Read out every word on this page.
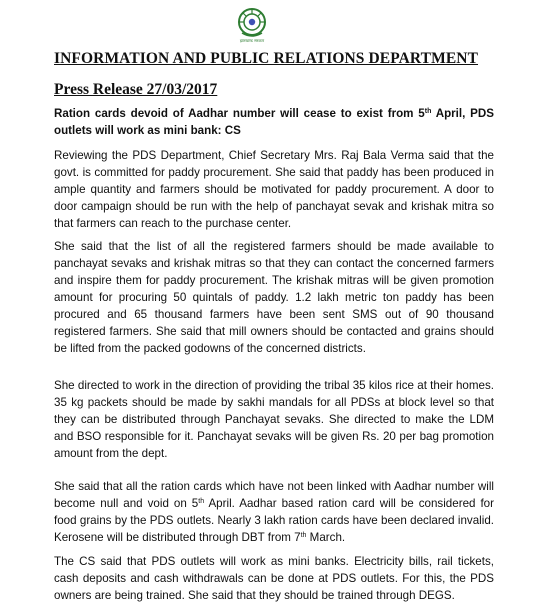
झारखण्ड सरकार
INFORMATION AND PUBLIC RELATIONS DEPARTMENT
Press Release 27/03/2017
Ration cards devoid of Aadhar number will cease to exist from 5th April, PDS outlets will work as mini bank: CS
Reviewing the PDS Department, Chief Secretary Mrs. Raj Bala Verma said that the govt. is committed for paddy procurement. She said that paddy has been produced in ample quantity and farmers should be motivated for paddy procurement. A door to door campaign should be run with the help of panchayat sevak and krishak mitra so that farmers can reach to the purchase center.
She said that the list of all the registered farmers should be made available to panchayat sevaks and krishak mitras so that they can contact the concerned farmers and inspire them for paddy procurement. The krishak mitras will be given promotion amount for procuring 50 quintals of paddy. 1.2 lakh metric ton paddy has been procured and 65 thousand farmers have been sent SMS out of 90 thousand registered farmers. She said that mill owners should be contacted and grains should be lifted from the packed godowns of the concerned districts.
She directed to work in the direction of providing the tribal 35 kilos rice at their homes. 35 kg packets should be made by sakhi mandals for all PDSs at block level so that they can be distributed through Panchayat sevaks. She directed to make the LDM and BSO responsible for it. Panchayat sevaks will be given Rs. 20 per bag promotion amount from the dept.
She said that all the ration cards which have not been linked with Aadhar number will become null and void on 5th April. Aadhar based ration card will be considered for food grains by the PDS outlets. Nearly 3 lakh ration cards have been declared invalid. Kerosene will be distributed through DBT from 7th March.
The CS said that PDS outlets will work as mini banks. Electricity bills, rail tickets, cash deposits and cash withdrawals can be done at PDS outlets. For this, the PDS owners are being trained. She said that they should be trained through DEGS.
